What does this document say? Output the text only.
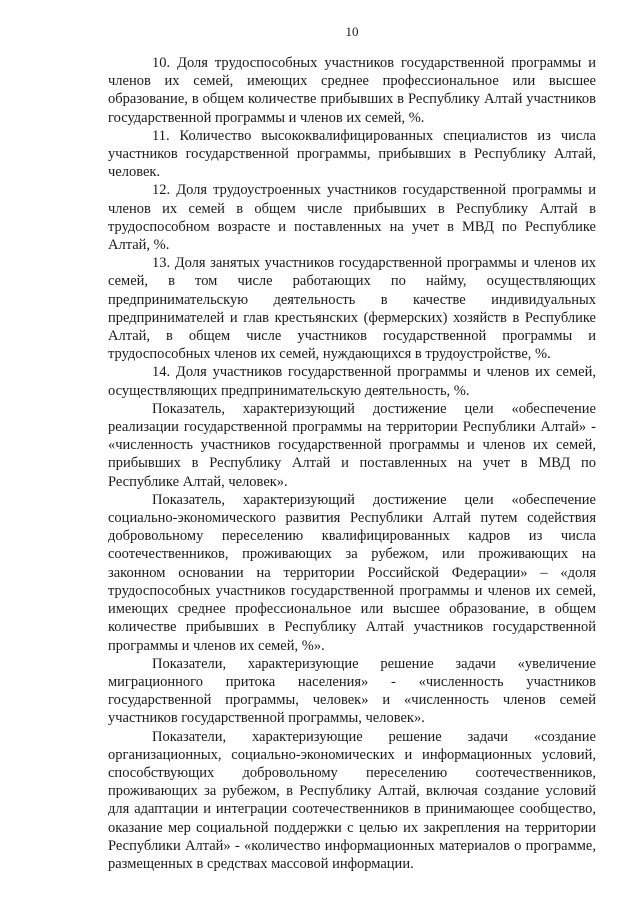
10

10. Доля трудоспособных участников государственной программы и членов их семей, имеющих среднее профессиональное или высшее образование, в общем количестве прибывших в Республику Алтай участников государственной программы и членов их семей, %.

11. Количество высококвалифицированных специалистов из числа участников государственной программы, прибывших в Республику Алтай, человек.

12. Доля трудоустроенных участников государственной программы и членов их семей в общем числе прибывших в Республику Алтай в трудоспособном возрасте и поставленных на учет в МВД по Республике Алтай, %.

13. Доля занятых участников государственной программы и членов их семей, в том числе работающих по найму, осуществляющих предпринимательскую деятельность в качестве индивидуальных предпринимателей и глав крестьянских (фермерских) хозяйств в Республике Алтай, в общем числе участников государственной программы и трудоспособных членов их семей, нуждающихся в трудоустройстве, %.

14. Доля участников государственной программы и членов их семей, осуществляющих предпринимательскую деятельность, %.

Показатель, характеризующий достижение цели «обеспечение реализации государственной программы на территории Республики Алтай» - «численность участников государственной программы и членов их семей, прибывших в Республику Алтай и поставленных на учет в МВД по Республике Алтай, человек».

Показатель, характеризующий достижение цели «обеспечение социально-экономического развития Республики Алтай путем содействия добровольному переселению квалифицированных кадров из числа соотечественников, проживающих за рубежом, или проживающих на законном основании на территории Российской Федерации» – «доля трудоспособных участников государственной программы и членов их семей, имеющих среднее профессиональное или высшее образование, в общем количестве прибывших в Республику Алтай участников государственной программы и членов их семей, %».

Показатели, характеризующие решение задачи «увеличение миграционного притока населения» - «численность участников государственной программы, человек» и «численность членов семей участников государственной программы, человек».

Показатели, характеризующие решение задачи «создание организационных, социально-экономических и информационных условий, способствующих добровольному переселению соотечественников, проживающих за рубежом, в Республику Алтай, включая создание условий для адаптации и интеграции соотечественников в принимающее сообщество, оказание мер социальной поддержки с целью их закрепления на территории Республики Алтай» - «количество информационных материалов о программе, размещенных в средствах массовой информации.
